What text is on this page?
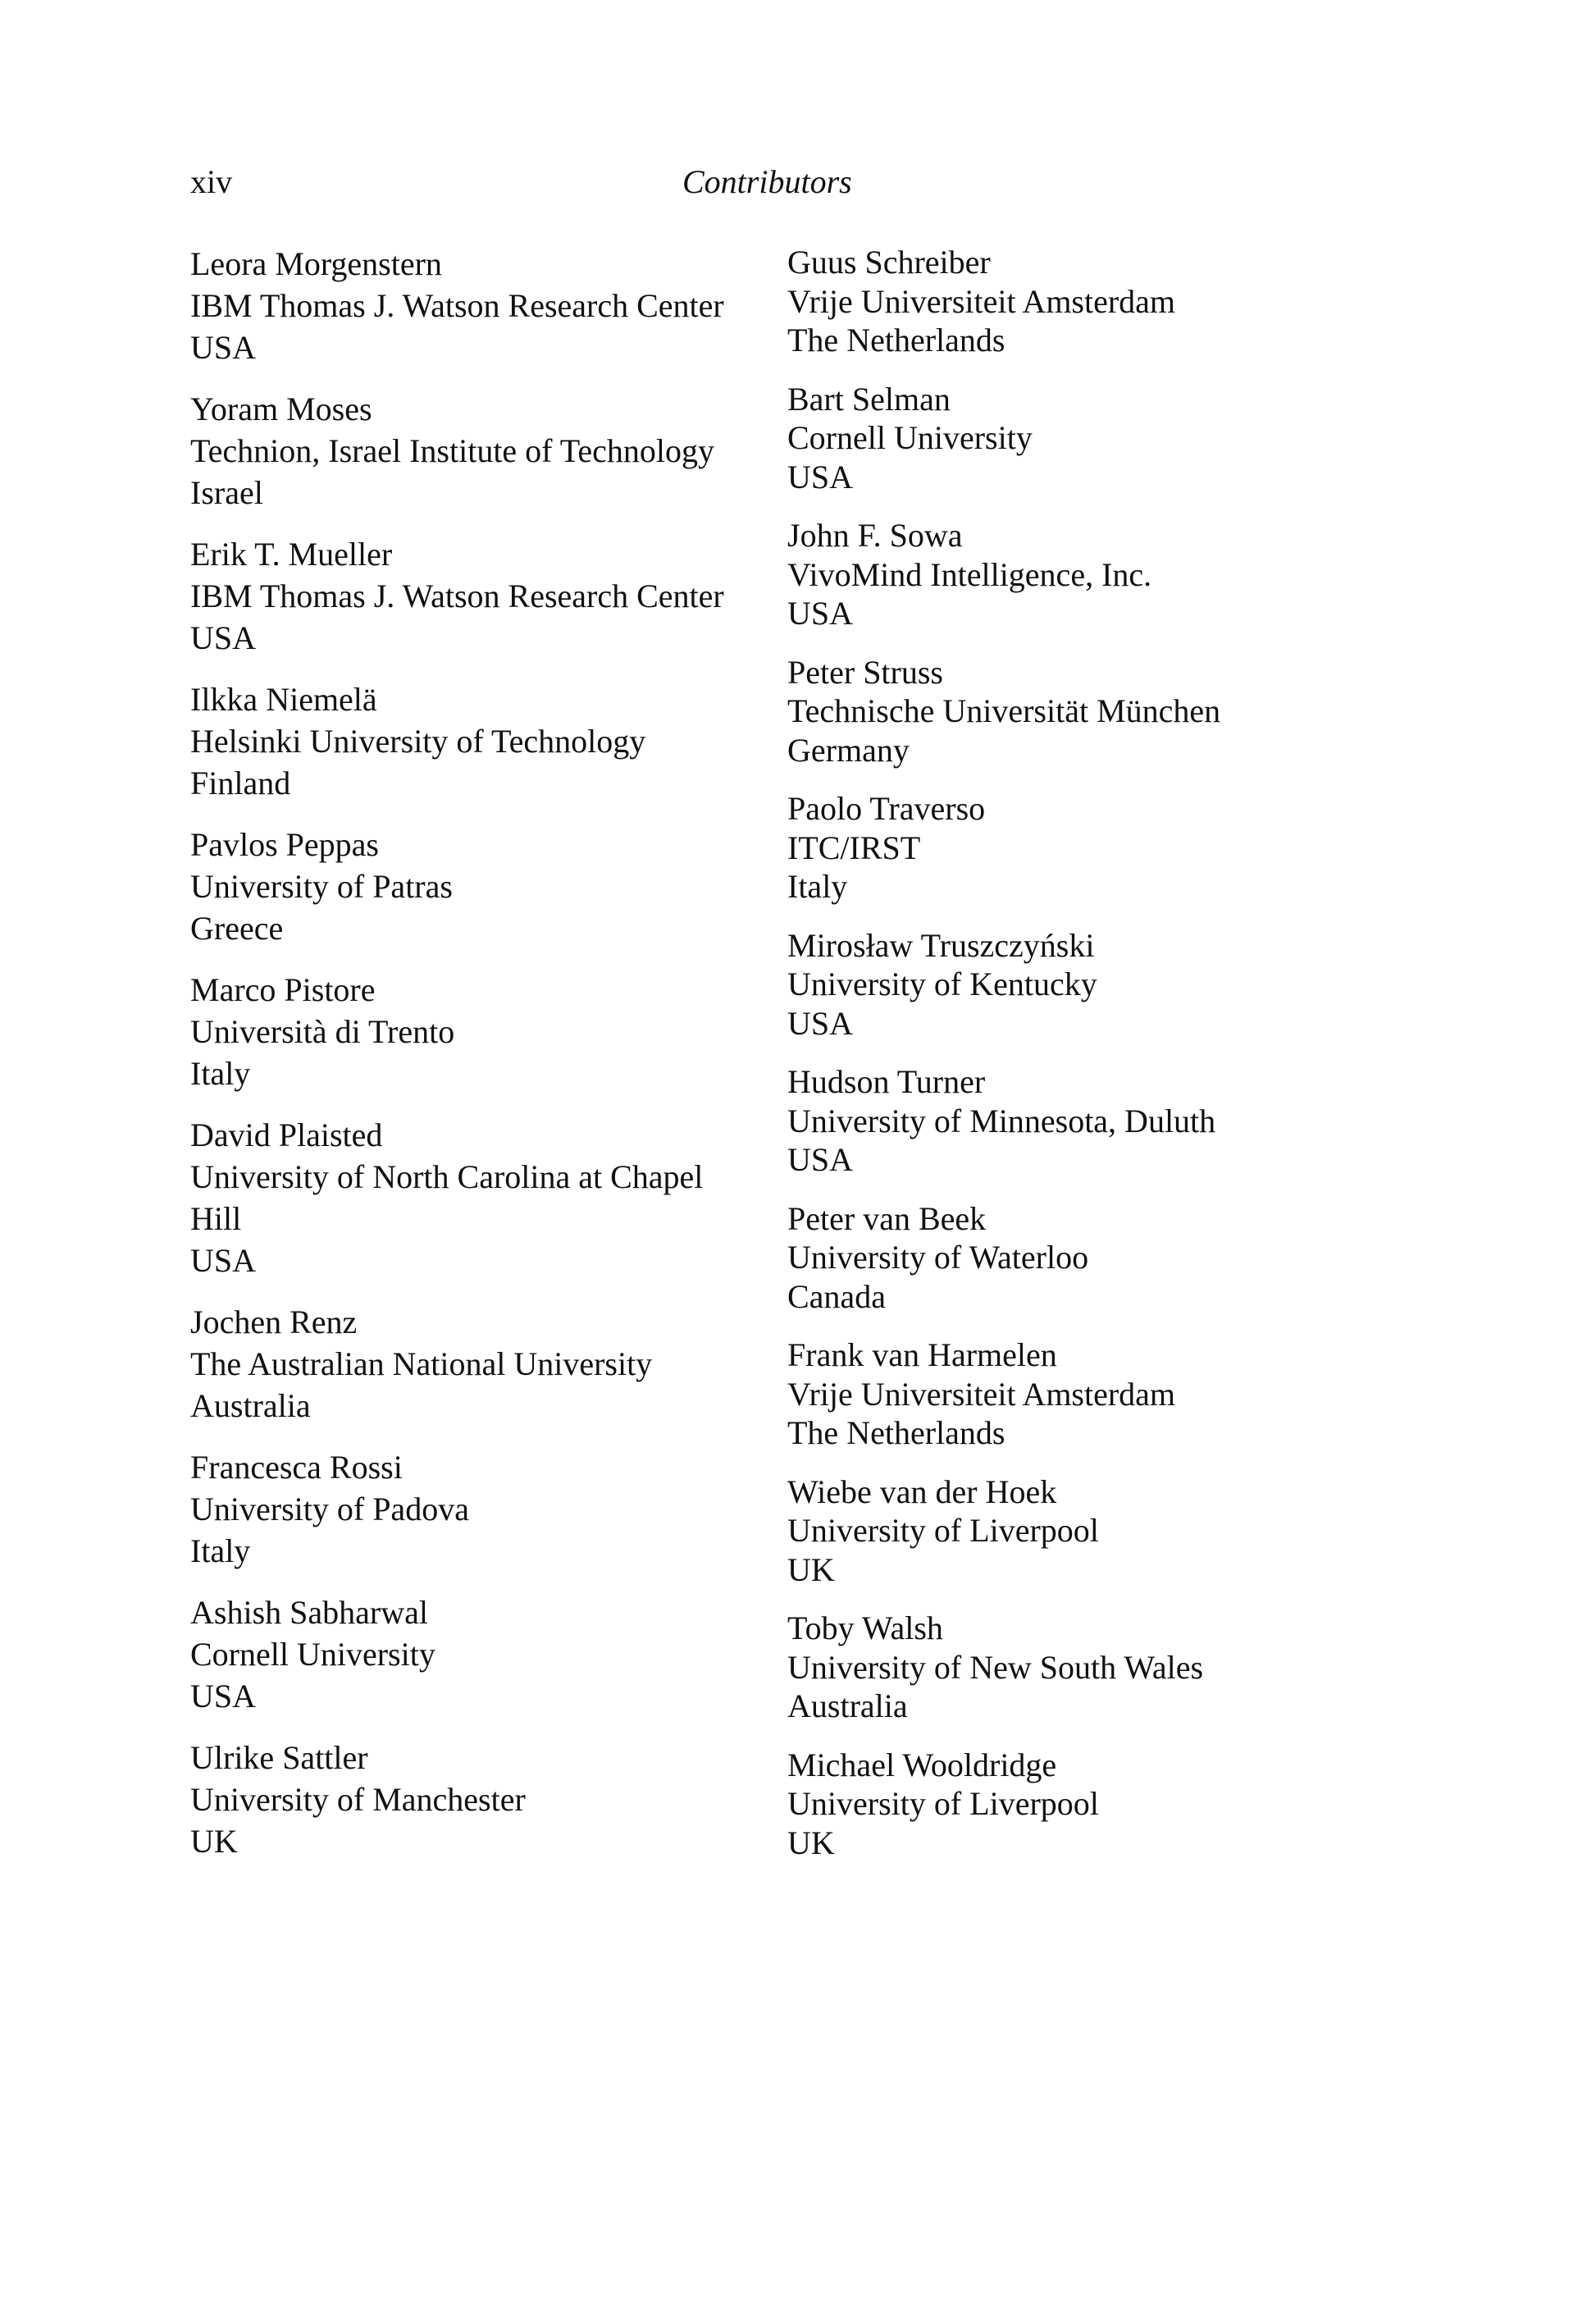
xiv	Contributors
Leora Morgenstern
IBM Thomas J. Watson Research Center
USA
Yoram Moses
Technion, Israel Institute of Technology
Israel
Erik T. Mueller
IBM Thomas J. Watson Research Center
USA
Ilkka Niemelä
Helsinki University of Technology
Finland
Pavlos Peppas
University of Patras
Greece
Marco Pistore
Università di Trento
Italy
David Plaisted
University of North Carolina at Chapel
Hill
USA
Jochen Renz
The Australian National University
Australia
Francesca Rossi
University of Padova
Italy
Ashish Sabharwal
Cornell University
USA
Ulrike Sattler
University of Manchester
UK
Guus Schreiber
Vrije Universiteit Amsterdam
The Netherlands
Bart Selman
Cornell University
USA
John F. Sowa
VivoMind Intelligence, Inc.
USA
Peter Struss
Technische Universität München
Germany
Paolo Traverso
ITC/IRST
Italy
Mirosław Truszczyński
University of Kentucky
USA
Hudson Turner
University of Minnesota, Duluth
USA
Peter van Beek
University of Waterloo
Canada
Frank van Harmelen
Vrije Universiteit Amsterdam
The Netherlands
Wiebe van der Hoek
University of Liverpool
UK
Toby Walsh
University of New South Wales
Australia
Michael Wooldridge
University of Liverpool
UK
